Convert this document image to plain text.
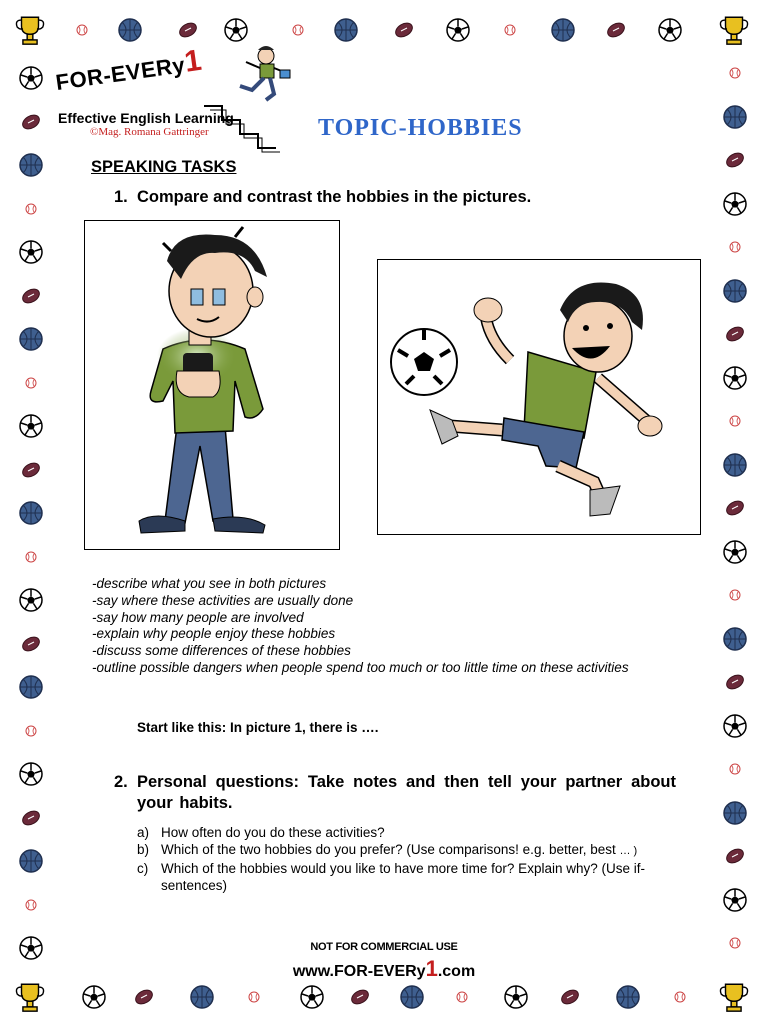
FOR-EVERy1
Effective English Learning
©Mag. Romana Gattringer	TOPIC-HOBBIES
SPEAKING TASKS
1. Compare and contrast the hobbies in the pictures.
-describe what you see in both pictures
-say where these activities are usually done
-say how many people are involved
-explain why people enjoy these hobbies
-discuss some differences of these hobbies
-outline possible dangers when people spend too much or too little time on these activities
Start like this: In picture 1, there is ….
2. Personal questions: Take notes and then tell your partner about your habits.
a) How often do you do these activities?
b) Which of the two hobbies do you prefer? (Use comparisons! e.g. better, best … )
c) Which of the hobbies would you like to have more time for? Explain why? (Use if-sentences)
NOT FOR COMMERCIAL USE
www.FOR-EVERy1.com
